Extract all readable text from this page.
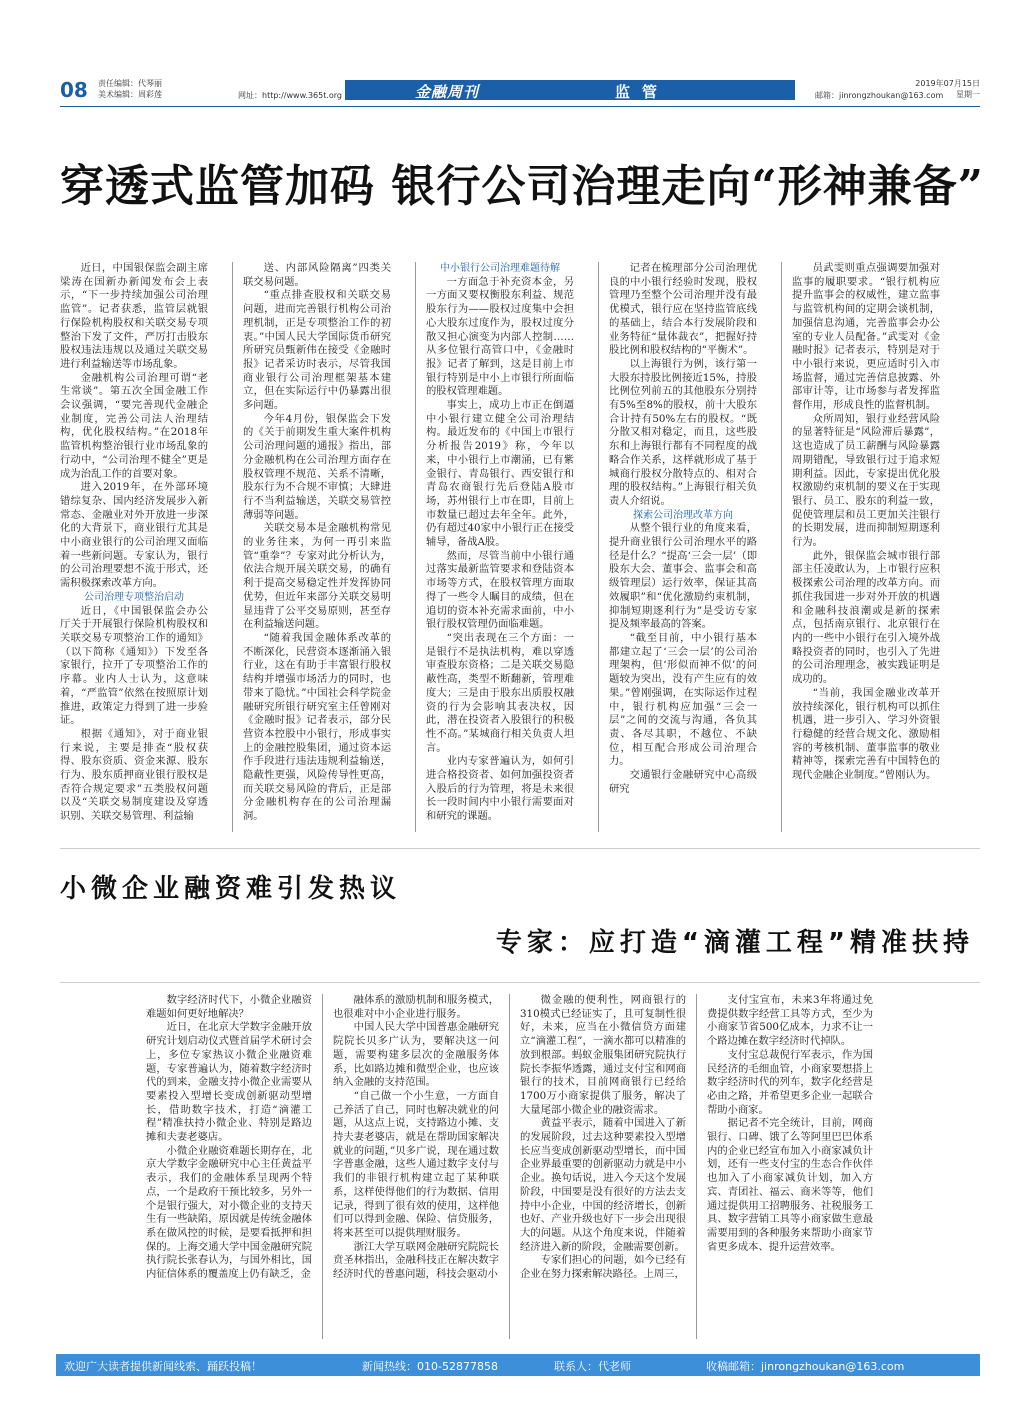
08 责任编辑：代琴丽
美术编辑：周彩莲	网址：http://www.365t.org	金融周刊	监管	邮箱：jinrongzhoukan@163.com
2019年07月15日
星期一
穿透式监管加码 银行公司治理走向“形神兼备”

近日，中国银保监会副主席梁涛在国新办新闻发布会上表示，“下一步持续加强公司治理监管”。记者获悉，监管层就银行保险机构股权和关联交易专项整治下发了文件，严厉打击股东股权违法违规以及通过关联交易进行利益输送等市场乱象。

金融机构公司治理可谓“老生常谈”。第五次全国金融工作会议强调，“要完善现代金融企业制度，完善公司法人治理结构，优化股权结构。”在2018年监管机构整治银行业市场乱象的行动中，“公司治理不健全”更是成为治乱工作的首要对象。

进入2019年，在外部环境错综复杂、国内经济发展步入新常态、金融业对外开放进一步深化的大背景下，商业银行尤其是中小商业银行的公司治理又面临着一些新问题。专家认为，银行的公司治理要想不流于形式，还需积极探索改革方向。

公司治理专项整治启动

近日，《中国银保监会办公厅关于开展银行保险机构股权和关联交易专项整治工作的通知》（以下简称《通知》）下发至各家银行，拉开了专项整治工作的序幕。业内人士认为，这意味着，“严监管”依然在按照原计划推进，政策定力得到了进一步验证。

根据《通知》，对于商业银行来说，主要是排查“股权获得、股东资质、资金来源、股东行为、股东质押商业银行股权是否符合规定要求”五类股权问题以及“关联交易制度建设及穿透识别、关联交易管理、利益输

送、内部风险隔离”四类关联交易问题。

“重点排查股权和关联交易问题，进而完善银行机构公司治理机制，正是专项整治工作的初衷。”中国人民大学国际货币研究所研究员甄新伟在接受《金融时报》记者采访时表示，尽管我国商业银行公司治理框架基本建立，但在实际运行中仍暴露出很多问题。

今年4月份，银保监会下发的《关于前期发生重大案件机构公司治理问题的通报》指出，部分金融机构在公司治理方面存在股权管理不规范、关系不清晰，股东行为不合规不审慎；大肆进行不当利益输送，关联交易管控薄弱等问题。

关联交易本是金融机构常见的业务往来，为何一再引来监管“重拳”？专家对此分析认为，依法合规开展关联交易，的确有利于提高交易稳定性并发挥协同优势，但近年来部分关联交易明显违背了公平交易原则，甚至存在利益输送问题。

“随着我国金融体系改革的不断深化，民营资本逐渐涌入银行业，这在有助于丰富银行股权结构并增强市场活力的同时，也带来了隐忧。”中国社会科学院金融研究所银行研究室主任曾刚对《金融时报》记者表示，部分民营资本控股中小银行，形成事实上的金融控股集团，通过资本运作手段进行违法违规利益输送，隐蔽性更强，风险传导性更高，而关联交易风险的背后，正是部分金融机构存在的公司治理漏洞。

中小银行公司治理难题待解

一方面急于补充资本金，另一方面又要权衡股东利益、规范股东行为——股权过度集中会担心大股东过度作为，股权过度分散又担心演变为内部人控制……从多位银行高管口中，《金融时报》记者了解到，这是目前上市银行特别是中小上市银行所面临的股权管理难题。

事实上，成功上市正在倒逼中小银行建立健全公司治理结构。最近发布的《中国上市银行分析报告2019》称，今年以来，中小银行上市潮涌，已有紫金银行、青岛银行、西安银行和青岛农商银行先后登陆A股市场，苏州银行上市在即，目前上市数量已超过去年全年。此外，仍有超过40家中小银行正在接受辅导，备战A股。

然而，尽管当前中小银行通过落实最新监管要求和登陆资本市场等方式，在股权管理方面取得了一些令人瞩目的成绩，但在追切的资本补充需求面前，中小银行股权管理仍面临难题。

“突出表现在三个方面：一是银行不是执法机构，难以穿透审查股东资格；二是关联交易隐蔽性高，类型不断翻新，管理难度大；三是由于股东出质股权融资的行为会影响其表决权，因此，潜在投资者入股银行的积极性不高。”某城商行相关负责人坦言。

业内专家普遍认为，如何引进合格投资者、如何加强投资者入股后的行为管理，将是未来很长一段时间内中小银行需要面对和研究的课题。

记者在梳理部分公司治理优良的中小银行经验时发现，股权管理乃至整个公司治理并没有最优模式，银行应在坚持监管底线的基础上，结合本行发展阶段和业务特征“量体裁衣”，把握好持股比例和股权结构的“平衡术”。

以上海银行为例，该行第一大股东持股比例接近15%，持股比例位列前五的其他股东分别持有5%至8%的股权，前十大股东合计持有50%左右的股权。“既分散又相对稳定，而且，这些股东和上海银行都有不同程度的战略合作关系，这样就形成了基于城商行股权分散特点的、相对合理的股权结构。”上海银行相关负责人介绍说。

探索公司治理改革方向

从整个银行业的角度来看，提升商业银行公司治理水平的路径是什么？“提高‘三会一层’（即股东大会、董事会、监事会和高级管理层）运行效率，保证其高效履职”和“优化激励约束机制，抑制短期逐利行为”是受访专家提及频率最高的答案。

“截至目前，中小银行基本都建立起了‘三会一层’的公司治理架构，但‘形似而神不似’的问题较为突出，没有产生应有的效果。”曾刚强调，在实际运作过程中，银行机构应加强“三会一层”之间的交流与沟通，各负其责、各尽其职，不越位、不缺位，相互配合形成公司治理合力。

交通银行金融研究中心高级研究

员武雯则重点强调要加强对监事的履职要求。“银行机构应提升监事会的权威性，建立监事与监管机构间的定期会谈机制，加强信息沟通，完善监事会办公室的专业人员配备。”武雯对《金融时报》记者表示，特别是对于中小银行来说，更应适时引入市场监督，通过完善信息披露、外部审计等，让市场参与者发挥监督作用，形成良性的监督机制。

众所周知，银行业经营风险的显著特征是“风险滞后暴露”，这也造成了员工薪酬与风险暴露周期错配，导致银行过于追求短期利益。因此，专家提出优化股权激励约束机制的要义在于实现银行、员工、股东的利益一致，促使管理层和员工更加关注银行的长期发展，进而抑制短期逐利行为。

此外，银保监会城市银行部部主任凌敢认为，上市银行应积极探索公司治理的改革方向。而抓住我国进一步对外开放的机遇和金融科技浪潮或是新的探索点，包括南京银行、北京银行在内的一些中小银行在引入境外战略投资者的同时，也引入了先进的公司治理理念，被实践证明是成功的。

“当前，我国金融业改革开放持续深化，银行机构可以抓住机遇，进一步引入、学习外资银行稳健的经营合规文化、激励相容的考核机制、董事监事的敬业精神等，探索完善有中国特色的现代金融企业制度。”曾刚认为。

小微企业融资难引发热议
专家：应打造“滴灌工程”精准扶持

数字经济时代下，小微企业融资难题如何更好地解决？

近日，在北京大学数字金融开放研究计划启动仪式暨首届学术研讨会上，多位专家热议小微企业融资难题，专家普遍认为，随着数字经济时代的到来，金融支持小微企业需要从要素投入型增长变成创新驱动型增长，借助数字技术，打造“滴灌工程”精准扶持小微企业、特别是路边摊和夫妻老婆店。

小微企业融资难题长期存在，北京大学数字金融研究中心主任黄益平表示，我们的金融体系呈现两个特点，一个是政府干预比较多，另外一个是银行强大，对小微企业的支持天生有一些缺陷，原因就是传统金融体系在做风控的时候，是要看抵押和担保的。上海交通大学中国金融研究院执行院长张春认为，与国外相比，国内征信体系的覆盖度上仍有缺乏，金

融体系的激励机制和服务模式，也很难对中小企业进行服务。

中国人民大学中国普惠金融研究院院长贝多广认为，要解决这一问题，需要构建多层次的金融服务体系，比如路边摊和微型企业，也应该纳入金融的支持范围。

“自己做一个小生意，一方面自己养活了自己，同时也解决就业的问题，从这点上说，支持路边小摊、支持夫妻老婆店，就是在帮助国家解决就业的问题，”贝多广说，现在通过数字普惠金融，这些人通过数字支付与我们的非银行机构建立起了某种联系，这样使得他们的行为数据、信用记录，得到了很有效的使用，这样他们可以得到金融、保险、信贷服务，将来甚至可以提供理财服务。

浙江大学互联网金融研究院院长贲圣林指出，金融科技正在解决数字经济时代的普惠问题，科技会驱动小

微金融的便利性，网商银行的310模式已经证实了，且可复制性很好，未来，应当在小微信贷方面建立“滴灌工程”，一滴水都可以精准的放到根部。蚂蚁金服集团研究院执行院长李振华透露，通过支付宝和网商银行的技术，目前网商银行已经给1700万小商家提供了服务，解决了大量尾部小微企业的融资需求。

黄益平表示，随着中国进入了新的发展阶段，过去这种要素投入型增长应当变成创新驱动型增长，而中国企业界最重要的创新驱动力就是中小企业。换句话说，进入今天这个发展阶段，中国要是没有很好的方法去支持中小企业，中国的经济增长，创新也好、产业升级也好下一步会出现很大的问题。从这个角度来说，伴随着经济进入新的阶段，金融需要创新。

专家们担心的问题，如今已经有企业在努力探索解决路径。上周三，

支付宝宣布，未来3年将通过免费提供数字经营工具等方式，至少为小商家节省500亿成本，力求不让一个路边摊在数字经济时代掉队。

支付宝总裁倪行军表示，作为国民经济的毛细血管，小商家要想搭上数字经济时代的列车，数字化经营是必由之路，并希望更多企业一起联合帮助小商家。

据记者不完全统计，目前，网商银行、口碑、饿了么等阿里巴巴体系内的企业已经宣布加入小商家减负计划，还有一些支付宝的生态合作伙伴也加入了小商家减负计划，加入方宾、青团社、福云、商米等等，他们通过提供用工招聘服务、社税服务工具、数字营销工具等小商家做生意最需要用到的各种服务来帮助小商家节省更多成本、提升运营效率。

欢迎广大读者提供新闻线索、踊跃投稿！	新闻热线：010-52877858	联系人：代老师	收稿邮箱：jinrongzhoukan@163.com
